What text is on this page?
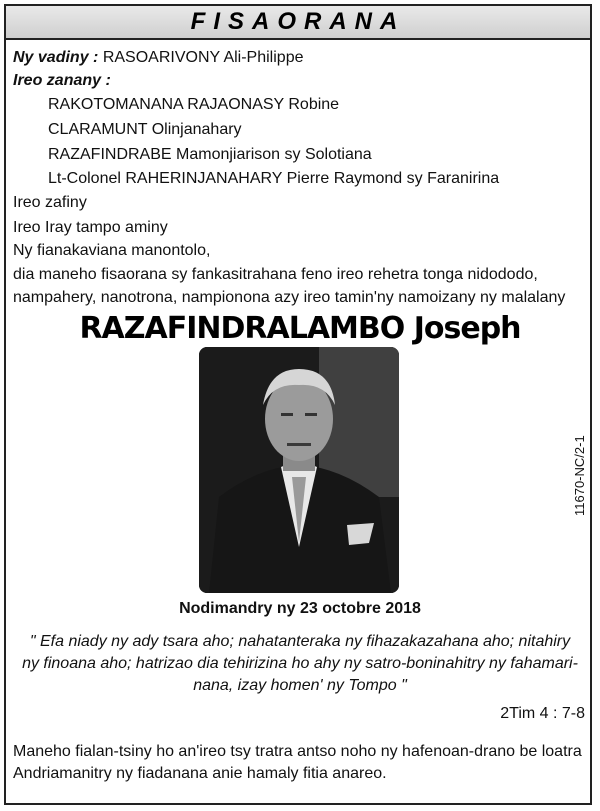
FISAORANA
Ny vadiny : RASOARIVONY Ali-Philippe
Ireo zanany :
RAKOTOMANANA RAJAONASY Robine
CLARAMUNT Olinjanahary
RAZAFINDRABE Mamonjiarison sy Solotiana
Lt-Colonel RAHERINJANAHARY Pierre Raymond sy Faranirina
Ireo zafiny
Ireo Iray tampo aminy
Ny fianakaviana manontolo,
dia maneho fisaorana sy fankasitrahana feno ireo rehetra tonga nidododo,
nampahery, nanotrona, nampionona azy ireo tamin'ny namoizany ny malalany
RAZAFINDRALAMBO Joseph
Nodimandry ny 23 octobre 2018
" Efa niady ny ady tsara aho; nahatanteraka ny fihazakazahana aho; nitahiry
ny finoana aho; hatrizao dia tehirizina ho ahy ny satro-boninahitry ny fahamari-
nana, izay homen' ny Tompo "
2Tim 4 : 7-8
Maneho fialan-tsiny ho an'ireo tsy tratra antso noho ny hafenoan-drano be loatra
Andriamanitry ny fiadanana anie hamaly fitia anareo.
11670-NC/2-1
